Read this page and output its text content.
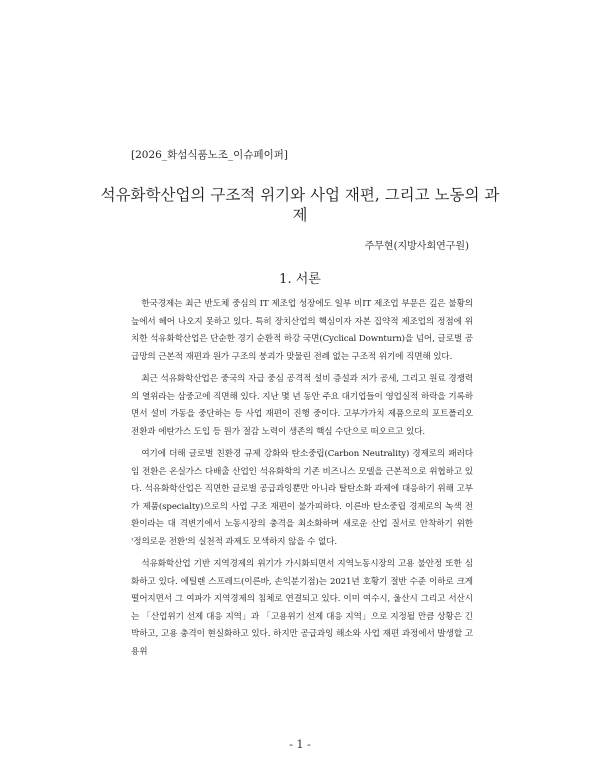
[2026_화섬식품노조_이슈페이퍼]
석유화학산업의 구조적 위기와 사업 재편, 그리고 노동의 과제
주무현(지방사회연구원)
1. 서론

한국경제는 최근 반도체 중심의 IT 제조업 성장에도 일부 비IT 제조업 부문은 깊은 불황의 늪에서 헤어 나오지 못하고 있다. 특히 장치산업의 핵심이자 자본 집약적 제조업의 정점에 위치한 석유화학산업은 단순한 경기 순환적 하강 국면(Cyclical Downturn)을 넘어, 글로벌 공급망의 근본적 재편과 원가 구조의 붕괴가 맞물린 전례 없는 구조적 위기에 직면해 있다.

최근 석유화학산업은 중국의 자급 중심 공격적 설비 증설과 저가 공세, 그리고 원료 경쟁력의 열위라는 삼중고에 직면해 있다. 지난 몇 년 동안 주요 대기업들이 영업실적 하락을 기록하면서 설비 가동을 중단하는 등 사업 재편이 진행 중이다. 고부가가치 제품으로의 포트폴리오 전환과 에탄가스 도입 등 원가 절감 노력이 생존의 핵심 수단으로 떠오르고 있다.

여기에 더해 글로벌 친환경 규제 강화와 탄소중립(Carbon Neutrality) 경제로의 패러다임 전환은 온실가스 다배출 산업인 석유화학의 기존 비즈니스 모델을 근본적으로 위협하고 있다. 석유화학산업은 직면한 글로벌 공급과잉뿐만 아니라 탈탄소화 과제에 대응하기 위해 고부가 제품(specialty)으로의 사업 구조 재편이 불가피하다. 이른바 탄소중립 경제로의 녹색 전환이라는 대 격변기에서 노동시장의 충격을 최소화하며 새로운 산업 질서로 안착하기 위한 '정의로운 전환'의 실천적 과제도 모색하지 않을 수 없다.

석유화학산업 기반 지역경제의 위기가 가시화되면서 지역노동시장의 고용 불안정 또한 심화하고 있다. 에틸렌 스프레드(이른바, 손익분기점)는 2021년 호황기 절반 수준 이하로 크게 떨어지면서 그 여파가 지역경제의 침체로 연결되고 있다. 이미 여수시, 울산시 그리고 서산시는 「산업위기 선제 대응 지역」과 「고용위기 선제 대응 지역」으로 지정될 만큼 상황은 긴박하고, 고용 충격이 현실화하고 있다. 하지만 공급과잉 해소와 사업 재편 과정에서 발생할 고용위

- 1 -
